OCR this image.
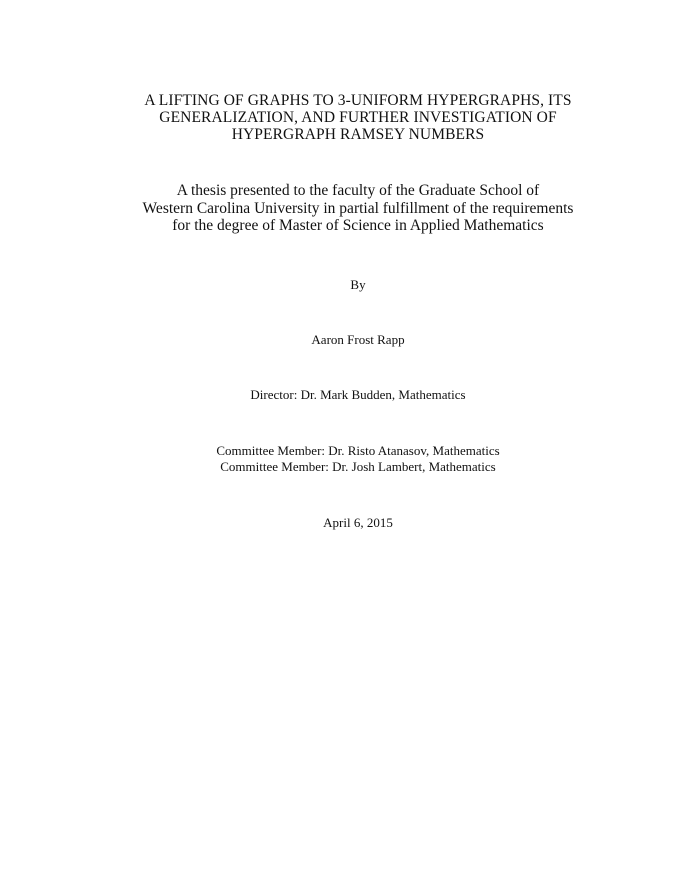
A LIFTING OF GRAPHS TO 3-UNIFORM HYPERGRAPHS, ITS
GENERALIZATION, AND FURTHER INVESTIGATION OF
HYPERGRAPH RAMSEY NUMBERS
A thesis presented to the faculty of the Graduate School of
Western Carolina University in partial fulfillment of the requirements
for the degree of Master of Science in Applied Mathematics
By
Aaron Frost Rapp
Director: Dr. Mark Budden, Mathematics
Committee Member: Dr. Risto Atanasov, Mathematics
Committee Member: Dr. Josh Lambert, Mathematics
April 6, 2015
